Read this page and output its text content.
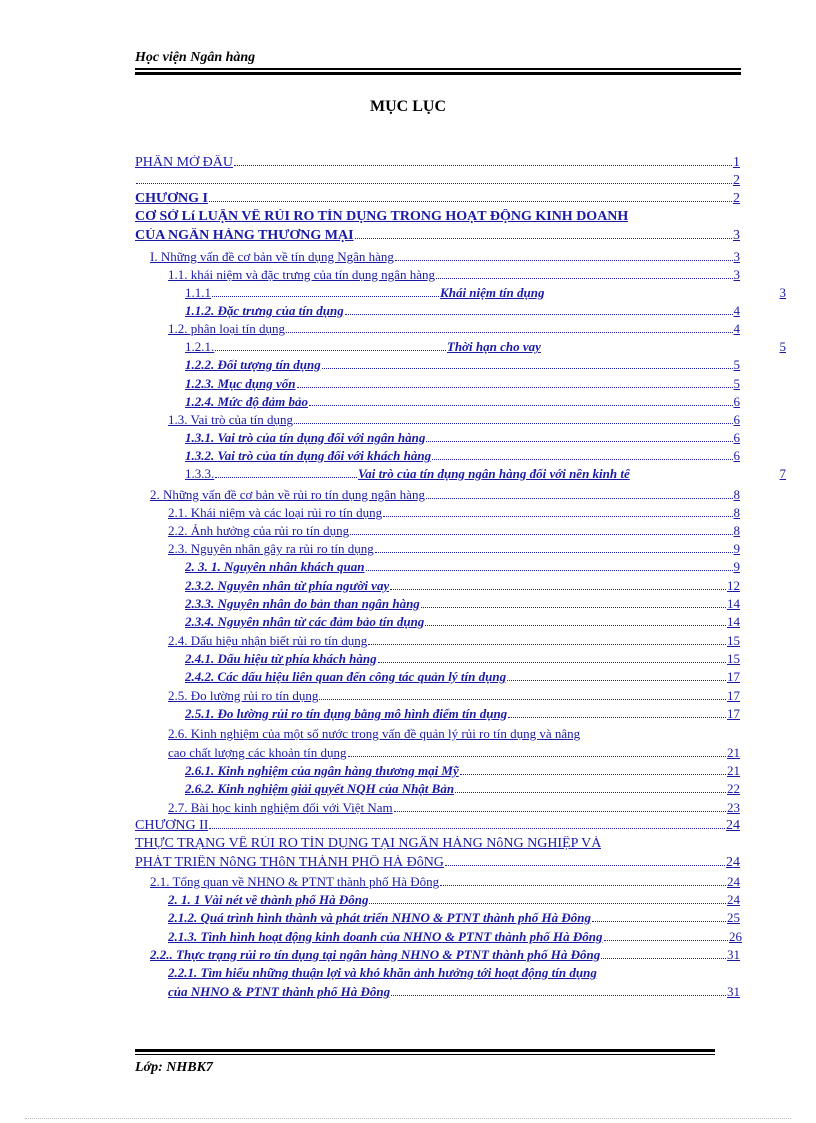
Học viện Ngân hàng
MỤC LỤC
PHẦN MỞ ĐẦU	1
2
CHƯƠNG I	2
CƠ SỞ Lí LUẬN VỀ RỦI RO TÍN DỤNG TRONG HOẠT ĐỘNG KINH DOANH
CỦA NGÂN HÀNG THƯƠNG MẠI	3
I. Những vấn đề cơ bản về tín dụng Ngân hàng	3
1.1. khái niệm và đặc trưng của tín dụng ngân hàng	3
1.1.1	Khái niệm tín dụng	3
1.1.2. Đặc trưng của tín dụng	4
1.2. phân loại tín dụng	4
1.2.1.	Thời hạn cho vay	5
1.2.2. Đối tượng tín dụng	5
1.2.3. Mục dụng vốn	5
1.2.4. Mức độ đảm bảo	6
1.3. Vai trò của tín dụng	6
1.3.1. Vai trò của tín dụng đối với ngân hàng	6
1.3.2. Vai trò của tín dụng đối với khách hàng	6
1.3.3.	Vai trò của tín dụng ngân hàng đối với nền kinh tế	7
2. Những vấn đề cơ bản về rủi ro tín dụng ngân hàng	8
2.1. Khái niệm và các loại rủi ro tín dụng	8
2.2. Ảnh hưởng của rủi ro tín dụng	8
2.3. Nguyên nhân gây ra rủi ro tín dụng	9
2. 3. 1. Nguyên nhân khách quan	9
2.3.2. Nguyên nhân từ phía người vay	12
2.3.3. Nguyên nhân do bản than ngân hàng	14
2.3.4. Nguyên nhân từ các đảm bảo tín dụng	14
2.4. Dấu hiệu nhận biết rủi ro tín dụng	15
2.4.1. Dấu hiệu từ phía khách hàng	15
2.4.2. Các dấu hiệu liên quan đến công tác quản lý tín dụng	17
2.5. Đo lường rủi ro tín dụng	17
2.5.1. Đo lường rủi ro tín dụng bằng mô hình điểm tín dụng	17
2.6. Kinh nghiệm của một số nước trong vấn đề quản lý rủi ro tín dụng và nâng
cao chất lượng các khoản tín dụng	21
2.6.1. Kinh nghiệm của ngân hàng thương mại Mỹ	21
2.6.2. Kinh nghiệm giải quyết NQH của Nhật Bản	22
2.7. Bài học kinh nghiệm đối với Việt Nam	23
CHƯƠNG II	24
THỰC TRẠNG VỀ RỦI RO TÍN DỤNG TẠI NGÂN HÀNG NôNG NGHIỆP VÀ
PHÁT TRIỂN NôNG THôN THÀNH PHỐ HÀ ĐôNG	24
2.1. Tổng quan về NHNO & PTNT thành phố Hà Đông	24
2. 1. 1 Vài nét về thành phố Hà Đông	24
2.1.2. Quá trình hình thành và phát triển NHNO & PTNT thành phố Hà Đông	25
2.1.3. Tình hình hoạt động kinh doanh của NHNO & PTNT thành phố Hà Đông	26
2.2.. Thực trạng rủi ro tín dụng tại ngân hàng NHNO & PTNT thành phố Hà Đông	31
2.2.1. Tìm hiểu những thuận lợi và khó khăn ảnh hưởng tới hoạt động tín dụng
của NHNO & PTNT thành phố Hà Đông	31
Lớp: NHBK7
